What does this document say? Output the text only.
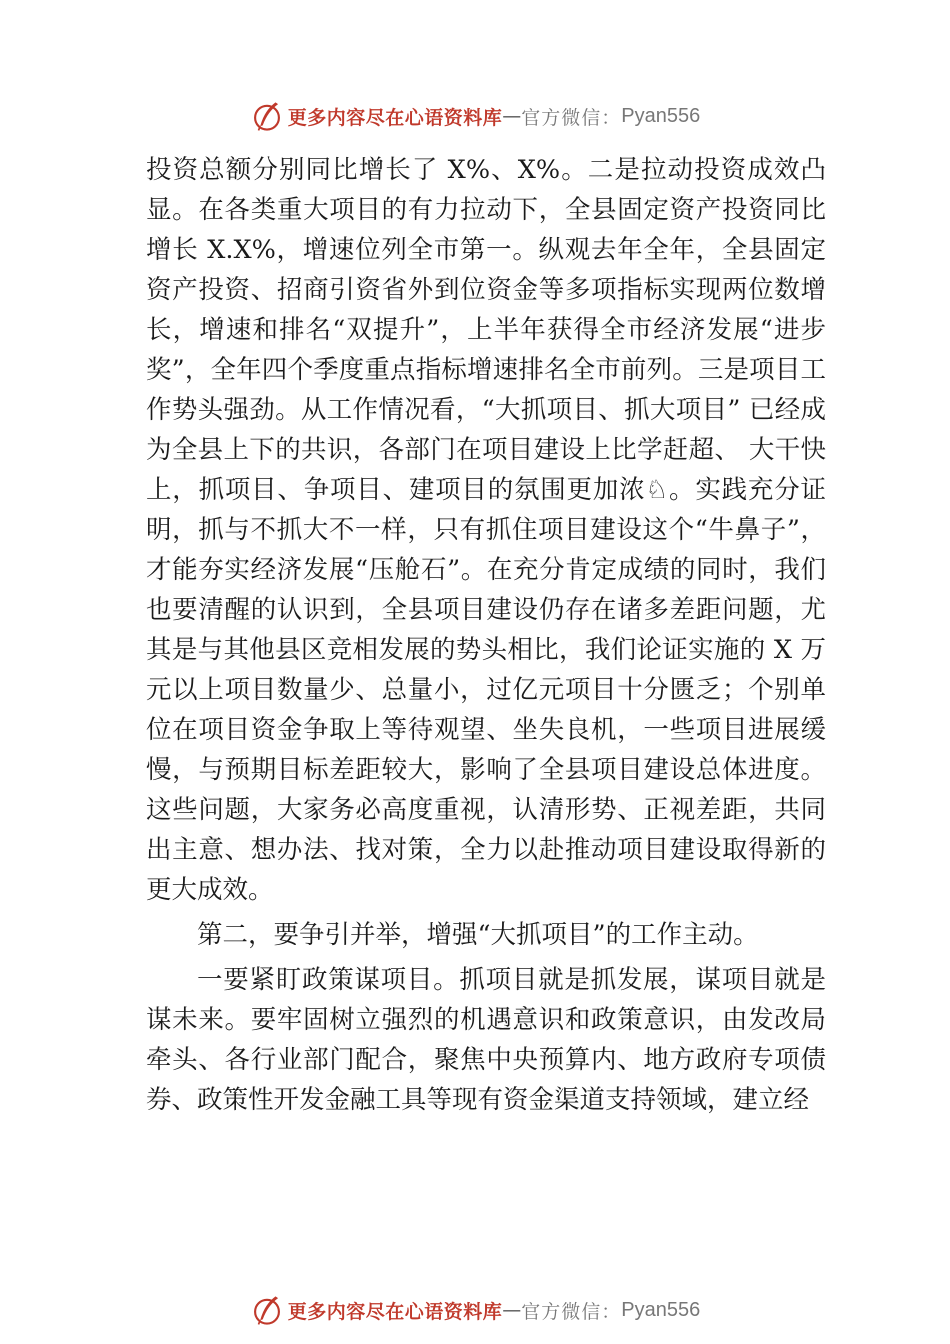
更多内容尽在心语资料库 — 官方微信： Pyan556

投资总额分别同比增长了 X%、X%。二是拉动投资成效凸显。在各类重大项目的有力拉动下，全县固定资产投资同比增长 X.X%，增速位列全市第一。纵观去年全年，全县固定资产投资、招商引资省外到位资金等多项指标实现两位数增长，增速和排名“双提升”，上半年获得全市经济发展“进步奖”，全年四个季度重点指标增速排名全市前列。三是项目工作势头强劲。从工作情况看，“大抓项目、抓大项目” 已经成为全县上下的共识，各部门在项目建设上比学赶超、 大干快上，抓项目、争项目、建项目的氛围更加浓♘。实践充分证明，抓与不抓大不一样，只有抓住项目建设这个“牛鼻子”，才能夯实经济发展“压舱石”。在充分肯定成绩的同时，我们也要清醒的认识到，全县项目建设仍存在诸多差距问题，尤其是与其他县区竞相发展的势头相比，我们论证实施的 X 万元以上项目数量少、总量小，过亿元项目十分匮乏；个别单位在项目资金争取上等待观望、坐失良机，一些项目进展缓慢，与预期目标差距较大，影响了全县项目建设总体进度。这些问题，大家务必高度重视，认清形势、正视差距，共同出主意、想办法、找对策，全力以赴推动项目建设取得新的更大成效。

第二，要争引并举，增强“大抓项目”的工作主动。

一要紧盯政策谋项目。抓项目就是抓发展，谋项目就是谋未来。要牢固树立强烈的机遇意识和政策意识，由发改局牵头、各行业部门配合，聚焦中央预算内、地方政府专项债券、政策性开发金融工具等现有资金渠道支持领域，建立经

更多内容尽在心语资料库 — 官方微信： Pyan556
